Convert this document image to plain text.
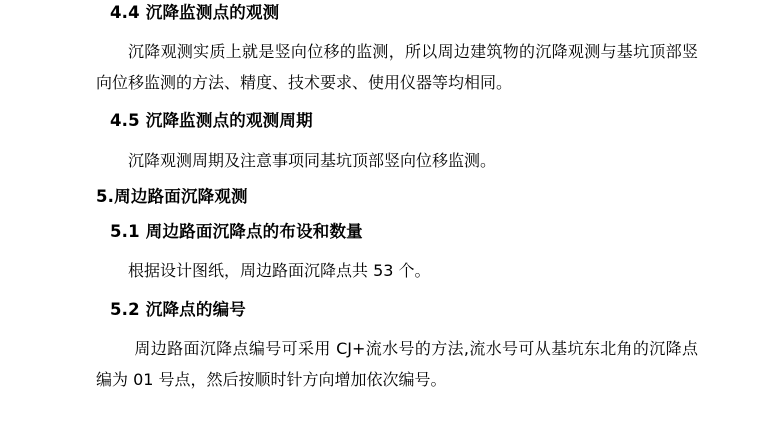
4.4 沉降监测点的观测

沉降观测实质上就是竖向位移的监测，所以周边建筑物的沉降观测与基坑顶部竖向位移监测的方法、精度、技术要求、使用仪器等均相同。

4.5 沉降监测点的观测周期

沉降观测周期及注意事项同基坑顶部竖向位移监测。

5.周边路面沉降观测
5.1 周边路面沉降点的布设和数量

根据设计图纸，周边路面沉降点共 53 个。

5.2 沉降点的编号

周边路面沉降点编号可采用 CJ+流水号的方法,流水号可从基坑东北角的沉降点编为 01 号点，然后按顺时针方向增加依次编号。
